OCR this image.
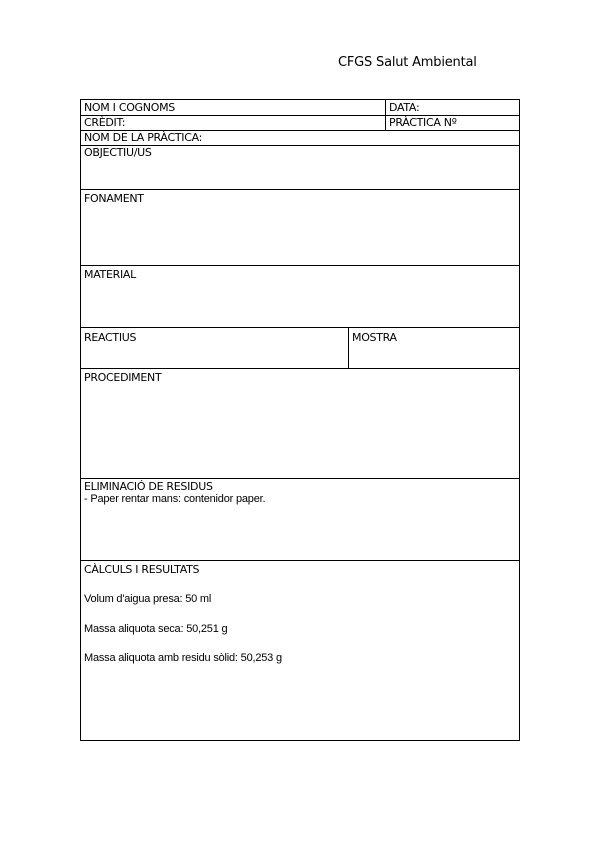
CFGS Salut Ambiental
NOM I COGNOMS	DATA:
CRÈDIT:	PRÀCTICA Nº
NOM DE LA PRÀCTICA:
OBJECTIU/US
FONAMENT
MATERIAL
REACTIUS	MOSTRA
PROCEDIMENT
ELIMINACIÓ DE RESIDUS
- Paper rentar mans: contenidor paper.
CÀLCULS I RESULTATS
Volum d'aigua presa: 50 ml
Massa aliquota seca: 50,251 g
Massa aliquota amb residu sòlid: 50,253 g
